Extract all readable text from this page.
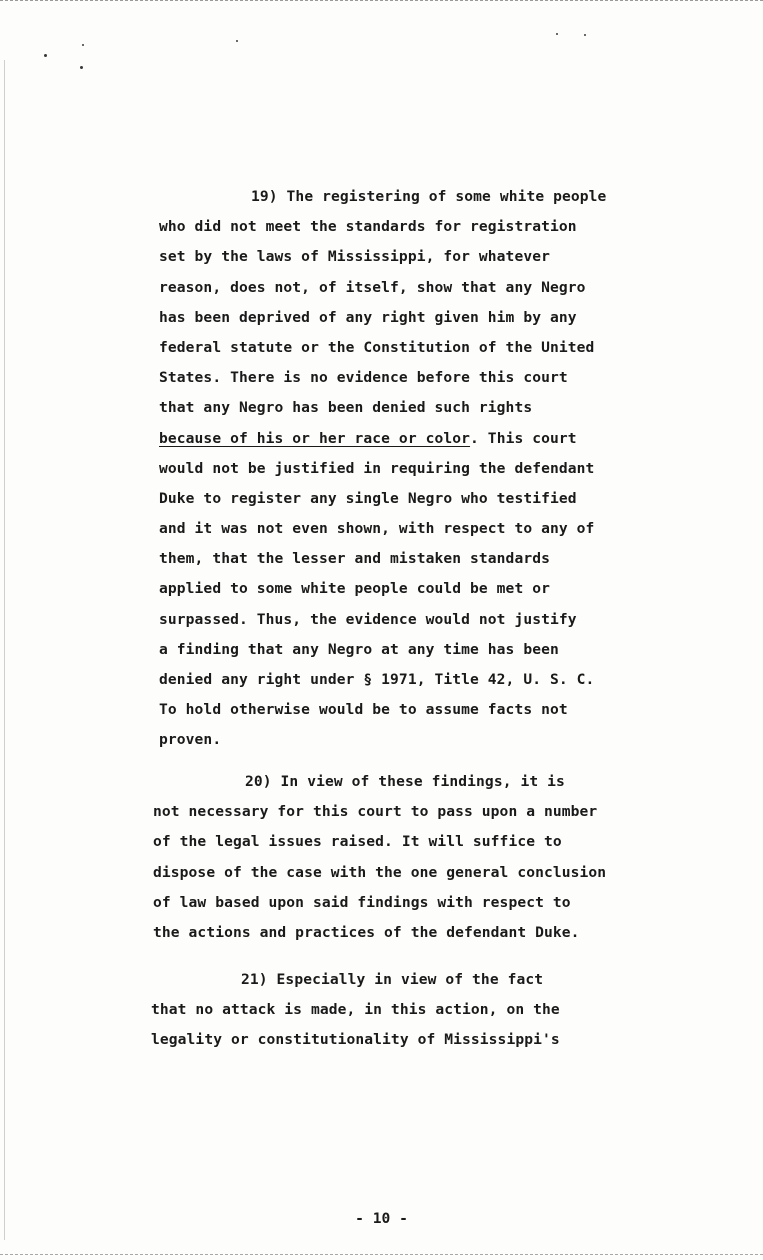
19) The registering of some white people
who did not meet the standards for registration
set by the laws of Mississippi, for whatever
reason, does not, of itself, show that any Negro
has been deprived of any right given him by any
federal statute or the Constitution of the United
States. There is no evidence before this court
that any Negro has been denied such rights
because of his or her race or color. This court
would not be justified in requiring the defendant
Duke to register any single Negro who testified
and it was not even shown, with respect to any of
them, that the lesser and mistaken standards
applied to some white people could be met or
surpassed. Thus, the evidence would not justify
a finding that any Negro at any time has been
denied any right under § 1971, Title 42, U. S. C.
To hold otherwise would be to assume facts not
proven.
20) In view of these findings, it is
not necessary for this court to pass upon a number
of the legal issues raised. It will suffice to
dispose of the case with the one general conclusion
of law based upon said findings with respect to
the actions and practices of the defendant Duke.
21) Especially in view of the fact
that no attack is made, in this action, on the
legality or constitutionality of Mississippi's

- 10 -
